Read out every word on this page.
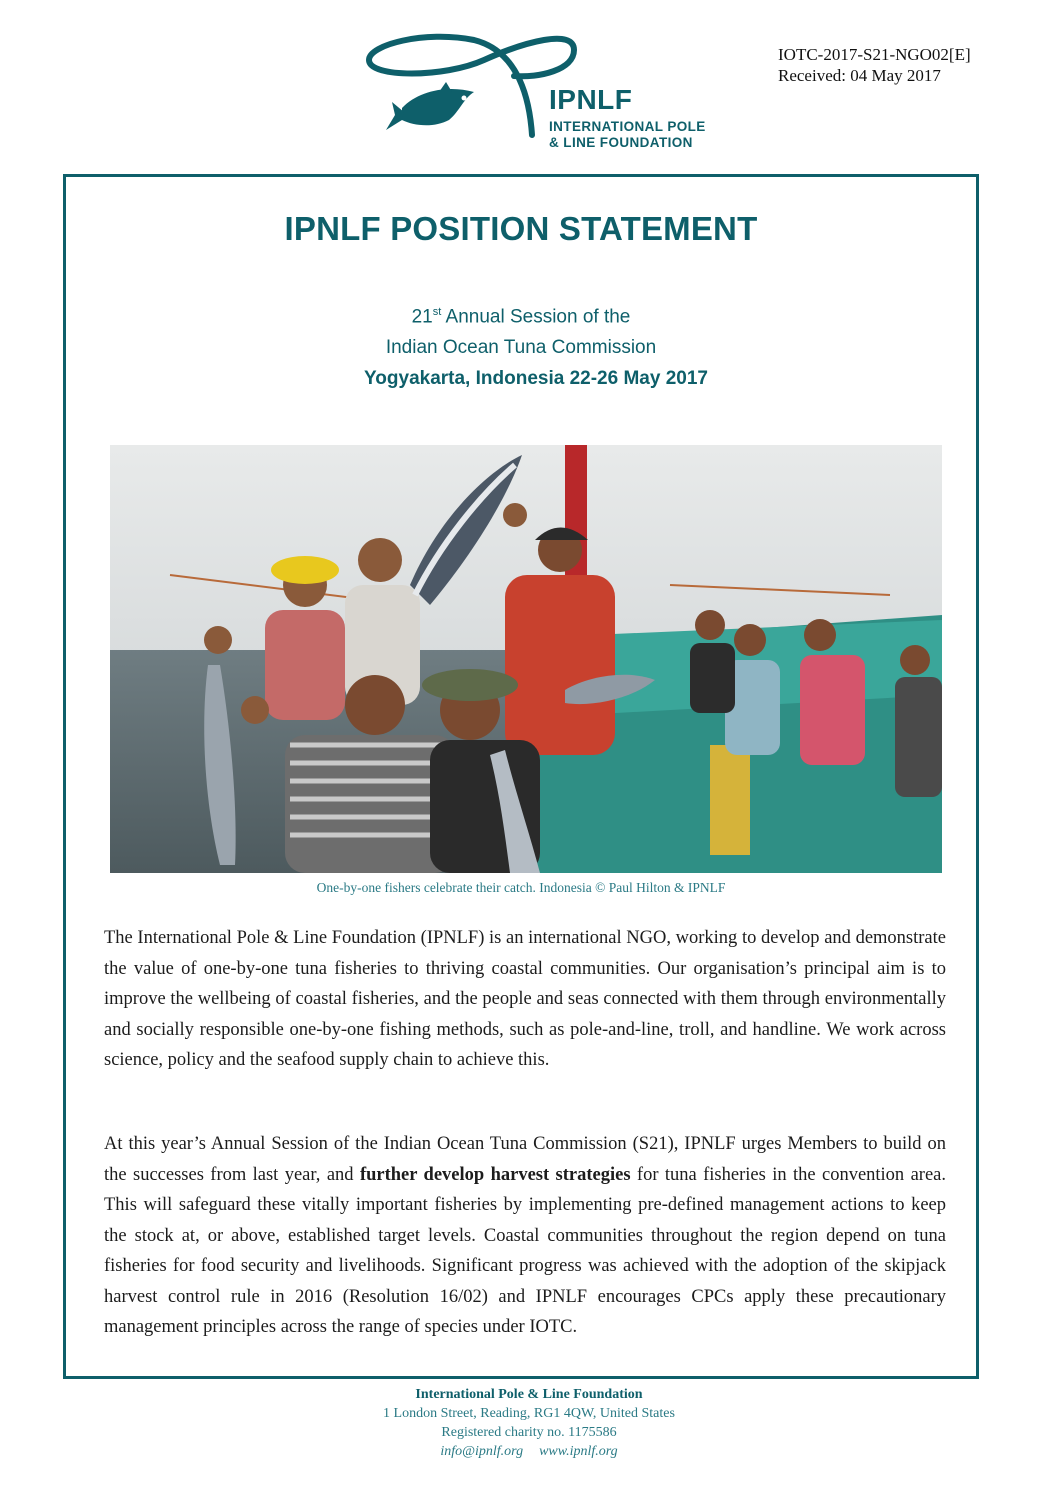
IOTC-2017-S21-NGO02[E]
Received: 04 May 2017
IPNLF
INTERNATIONAL POLE
& LINE FOUNDATION
IPNLF POSITION STATEMENT
21st Annual Session of the
Indian Ocean Tuna Commission
Yogyakarta, Indonesia 22-26 May 2017
One-by-one fishers celebrate their catch. Indonesia © Paul Hilton & IPNLF
The International Pole & Line Foundation (IPNLF) is an international NGO, working to develop and demonstrate the value of one-by-one tuna fisheries to thriving coastal communities. Our organisation’s principal aim is to improve the wellbeing of coastal fisheries, and the people and seas connected with them through environmentally and socially responsible one-by-one fishing methods, such as pole-and-line, troll, and handline. We work across science, policy and the seafood supply chain to achieve this.
At this year’s Annual Session of the Indian Ocean Tuna Commission (S21), IPNLF urges Members to build on the successes from last year, and further develop harvest strategies for tuna fisheries in the convention area. This will safeguard these vitally important fisheries by implementing pre-defined management actions to keep the stock at, or above, established target levels. Coastal communities throughout the region depend on tuna fisheries for food security and livelihoods. Significant progress was achieved with the adoption of the skipjack harvest control rule in 2016 (Resolution 16/02) and IPNLF encourages CPCs apply these precautionary management principles across the range of species under IOTC.
International Pole & Line Foundation
1 London Street, Reading, RG1 4QW, United States
Registered charity no. 1175586
info@ipnlf.org www.ipnlf.org
